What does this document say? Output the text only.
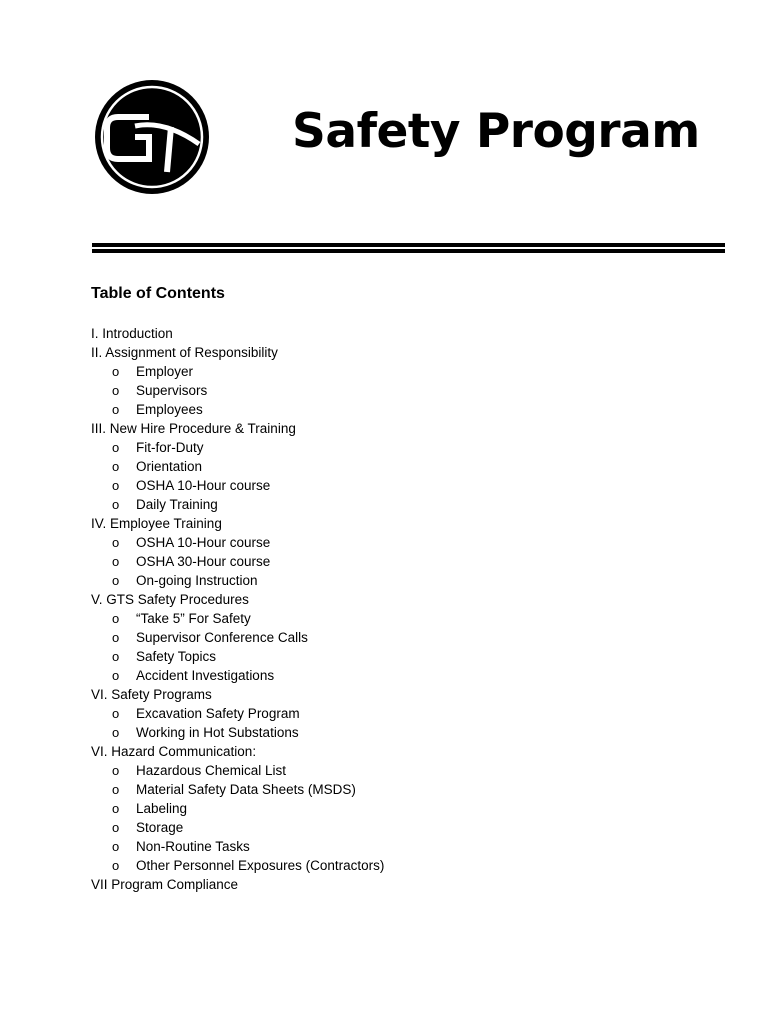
Safety Program
Table of Contents
I. Introduction
II. Assignment of Responsibility
o Employer
o Supervisors
o Employees
III. New Hire Procedure & Training
o Fit-for-Duty
o Orientation
o OSHA 10-Hour course
o Daily Training
IV. Employee Training
o OSHA 10-Hour course
o OSHA 30-Hour course
o On-going Instruction
V. GTS Safety Procedures
o “Take 5” For Safety
o Supervisor Conference Calls
o Safety Topics
o Accident Investigations
VI. Safety Programs
o Excavation Safety Program
o Working in Hot Substations
VI. Hazard Communication:
o Hazardous Chemical List
o Material Safety Data Sheets (MSDS)
o Labeling
o Storage
o Non-Routine Tasks
o Other Personnel Exposures (Contractors)
VII Program Compliance
